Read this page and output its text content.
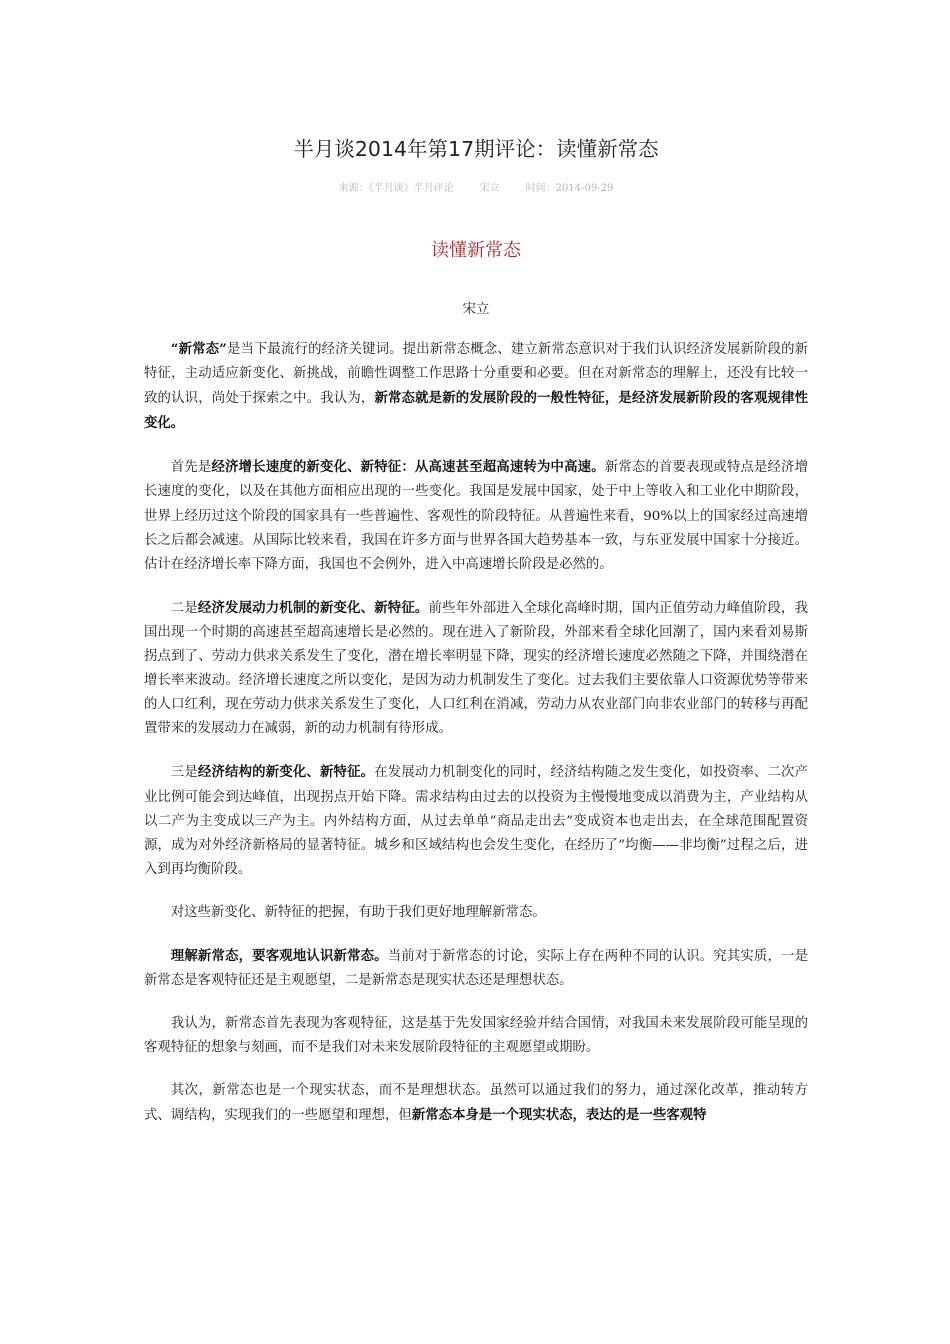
半月谈2014年第17期评论：读懂新常态
来源：《半月谈》半月评论	宋立	时间：2014-09-29
读懂新常态
宋立

“新常态”是当下最流行的经济关键词。提出新常态概念、建立新常态意识对于我们认识经济发展新阶段的新特征，主动适应新变化、新挑战，前瞻性调整工作思路十分重要和必要。但在对新常态的理解上，还没有比较一致的认识，尚处于探索之中。我认为，新常态就是新的发展阶段的一般性特征，是经济发展新阶段的客观规律性变化。

首先是经济增长速度的新变化、新特征：从高速甚至超高速转为中高速。新常态的首要表现或特点是经济增长速度的变化，以及在其他方面相应出现的一些变化。我国是发展中国家，处于中上等收入和工业化中期阶段，世界上经历过这个阶段的国家具有一些普遍性、客观性的阶段特征。从普遍性来看，90%以上的国家经过高速增长之后都会减速。从国际比较来看，我国在许多方面与世界各国大趋势基本一致，与东亚发展中国家十分接近。估计在经济增长率下降方面，我国也不会例外，进入中高速增长阶段是必然的。

二是经济发展动力机制的新变化、新特征。前些年外部进入全球化高峰时期，国内正值劳动力峰值阶段，我国出现一个时期的高速甚至超高速增长是必然的。现在进入了新阶段，外部来看全球化回潮了，国内来看刘易斯拐点到了、劳动力供求关系发生了变化，潜在增长率明显下降，现实的经济增长速度必然随之下降，并围绕潜在增长率来波动。经济增长速度之所以变化，是因为动力机制发生了变化。过去我们主要依靠人口资源优势等带来的人口红利，现在劳动力供求关系发生了变化，人口红利在消减，劳动力从农业部门向非农业部门的转移与再配置带来的发展动力在减弱，新的动力机制有待形成。

三是经济结构的新变化、新特征。在发展动力机制变化的同时，经济结构随之发生变化，如投资率、二次产业比例可能会到达峰值，出现拐点开始下降。需求结构由过去的以投资为主慢慢地变成以消费为主，产业结构从以二产为主变成以三产为主。内外结构方面，从过去单单“商品走出去”变成资本也走出去，在全球范围配置资源，成为对外经济新格局的显著特征。城乡和区域结构也会发生变化，在经历了“均衡——非均衡”过程之后，进入到再均衡阶段。

对这些新变化、新特征的把握，有助于我们更好地理解新常态。

理解新常态，要客观地认识新常态。当前对于新常态的讨论，实际上存在两种不同的认识。究其实质，一是新常态是客观特征还是主观愿望，二是新常态是现实状态还是理想状态。

我认为，新常态首先表现为客观特征，这是基于先发国家经验并结合国情，对我国未来发展阶段可能呈现的客观特征的想象与刻画，而不是我们对未来发展阶段特征的主观愿望或期盼。

其次，新常态也是一个现实状态，而不是理想状态。虽然可以通过我们的努力，通过深化改革，推动转方式、调结构，实现我们的一些愿望和理想，但新常态本身是一个现实状态，表达的是一些客观特
